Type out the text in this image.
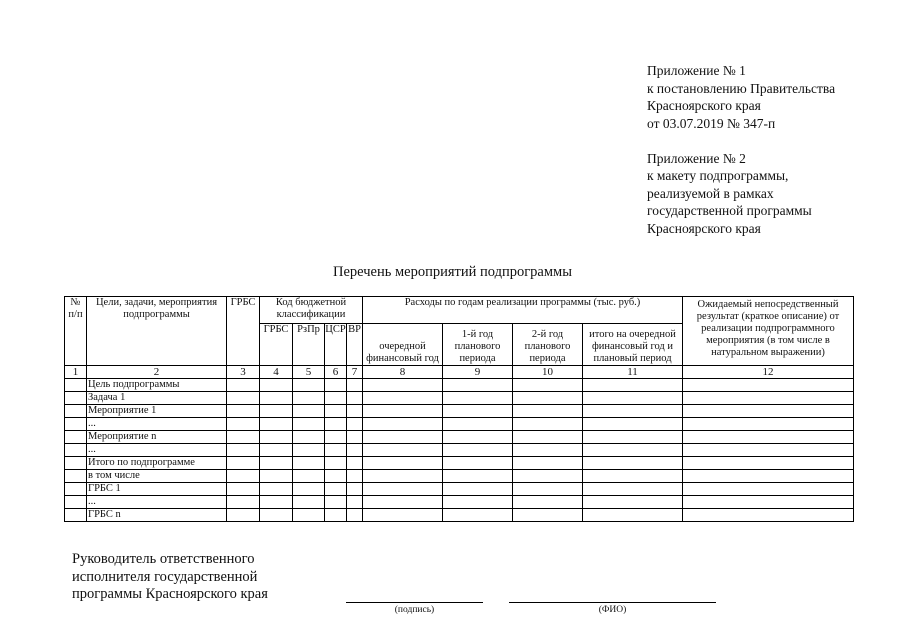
Приложение № 1
к постановлению Правительства
Красноярского края
от 03.07.2019 № 347-п
Приложение № 2
к макету подпрограммы,
реализуемой в рамках
государственной программы
Красноярского края
Перечень мероприятий подпрограммы
№ п/п	Цели, задачи, мероприятия подпрограммы	ГРБС	Код бюджетной классификации				Расходы по годам реализации программы (тыс. руб.)				Ожидаемый непосредственный результат (краткое описание) от реализации подпрограммного мероприятия (в том числе в натуральном выражении)
			ГРБС	РзПр	ЦСР	ВР	очередной финансовый год	1-й год планового периода	2-й год планового периода	итого на очередной финансовый год и плановый период	
1	2	3	4	5	6	7	8	9	10	11	12
	Цель подпрограммы										
	Задача 1										
	Мероприятие 1										
	...										
	Мероприятие n										
	...										
	Итого по подпрограмме										
	в том числе										
	ГРБС 1										
	...										
	ГРБС n										
Руководитель ответственного
исполнителя государственной
программы Красноярского края
(подпись)	(ФИО)
